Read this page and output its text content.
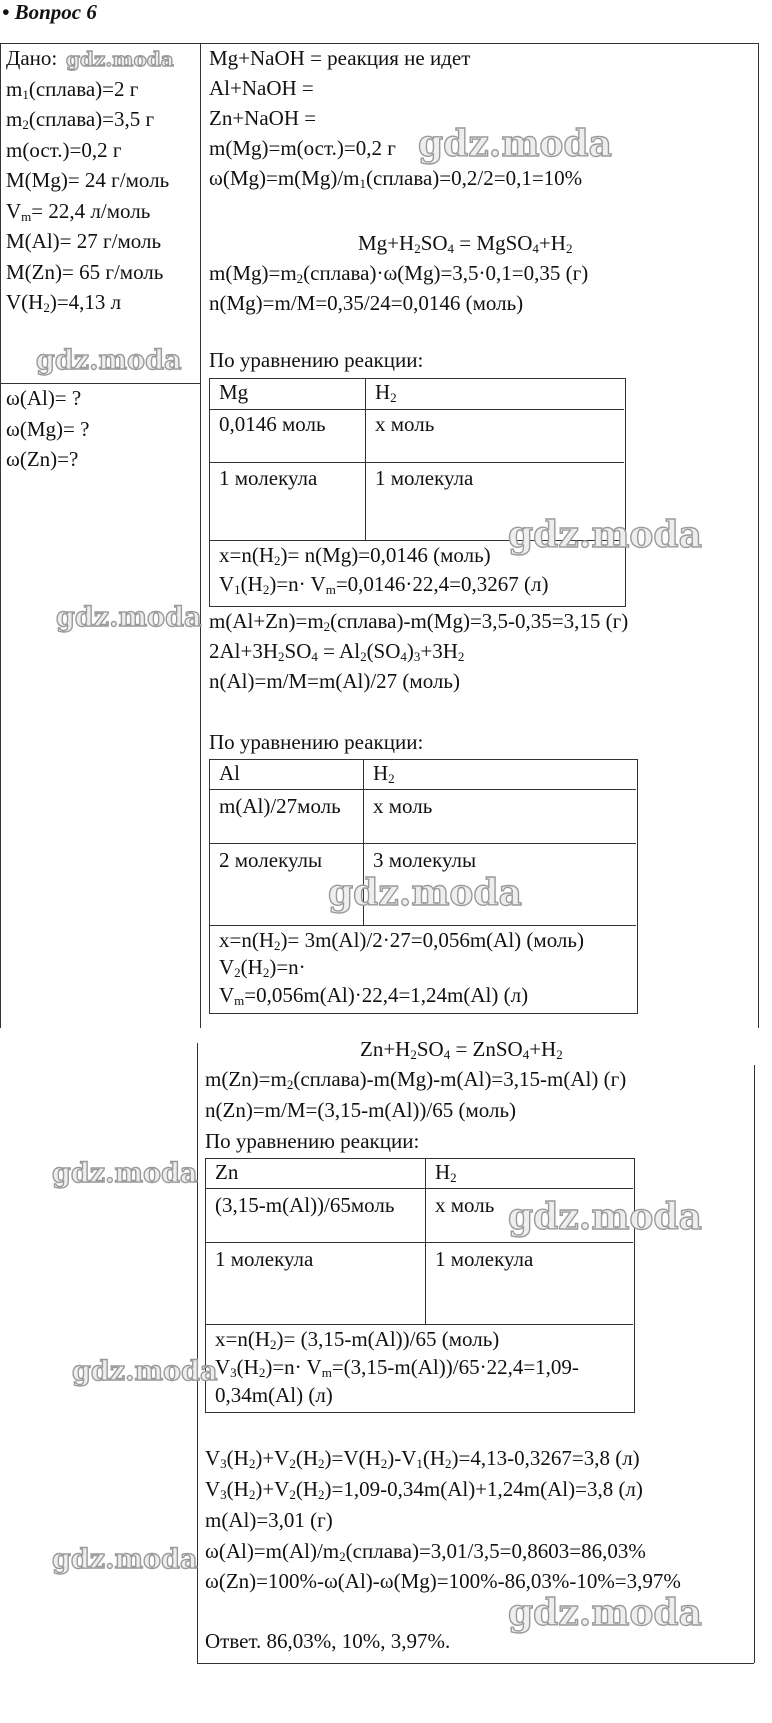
• Вопрос 6
Дано:
$m_1(сплава)=2$ г
$m_2(сплава)=3,5$ г
m(ост.)=0,2 г
M(Mg)= 24 г/моль
$V_m= 22,4$ л/моль
M(Al)= 27 г/моль
M(Zn)= 65 г/моль
$V(H_2)=4,13$ л
ω(Al)= ?
ω(Mg)= ?
ω(Zn)=?
Mg+NaOH = реакция не идет
Al+NaOH =
Zn+NaOH =
m(Mg)=m(ост.)=0,2 г
$\omega(Mg)=m(Mg)/m_1(сплава)=0,2/2=0,1=10\%$
$Mg+H_2SO_4$ = $MgSO_4+H_2$
$m(Mg)=m_2(сплава)\cdot\omega(Mg)=3,5\cdot 0,1=0,35$ (г)
n(Mg)=m/M=0,35/24=0,0146 (моль)
По уравнению реакции:
Mg	$H_2$
0,0146 моль х моль
1 молекула	1 молекула
$х=n(H_2)= n(Mg)=0,0146$ (моль)
$V_1(H_2)=n\cdot V_m=0,0146\cdot 22,4=0,3267$ (л)
$m(Al+Zn)=m_2(сплава)-m(Mg)=3,5-0,35=3,15$ (г)
$2Al+3H_2SO_4 = Al_2(SO_4)_3+3H_2$
n(Al)=m/M=m(Al)/27 (моль)
По уравнению реакции:
Al	$H_2$
m(Al)/27моль х моль
2 молекулы 3 молекулы
$х=n(H_2)= 3m(Al)/2\cdot 27=0,056m(Al)$ (моль)
$V_2(H_2)=n\cdot$
$V_m=0,056m(Al)\cdot 22,4=1,24m(Al)$ (л)
$Zn+H_2SO_4$ = $ZnSO_4+H_2$
$m(Zn)=m_2(сплава)-m(Mg)-m(Al)=3,15-m(Al)$ (г)
n(Zn)=m/M=(3,15-m(Al))/65 (моль)
По уравнению реакции:
Zn	$H_2$
(3,15-m(Al))/65моль х моль
1 молекула	1 молекула
$х=n(H_2)= (3,15-m(Al))/65$ (моль)
$V_3(H_2)=n\cdot V_m=(3,15-m(Al))/65\cdot 22,4=1,09-$
0,34m(Al) (л)
$V_3(H_2)+V_2(H_2)=V(H_2)-V_1(H_2)=4,13-0,3267=3,8$ (л)
$V_3(H_2)+V_2(H_2)=1,09-0,34m(Al)+1,24m(Al)=3,8$ (л)
m(Al)=3,01 (г)
$\omega(Al)=m(Al)/m_2(сплава)=3,01/3,5=0,8603=86,03\%$
ω(Zn)=100%-ω(Al)-ω(Mg)=100%-86,03%-10%=3,97%
Ответ. 86,03%, 10%, 3,97%.
gdz.moda
gdz.moda
gdz.moda
gdz.moda
gdz.moda
gdz.moda
gdz.moda
gdz.moda
gdz.moda
gdz.moda
gdz.moda
